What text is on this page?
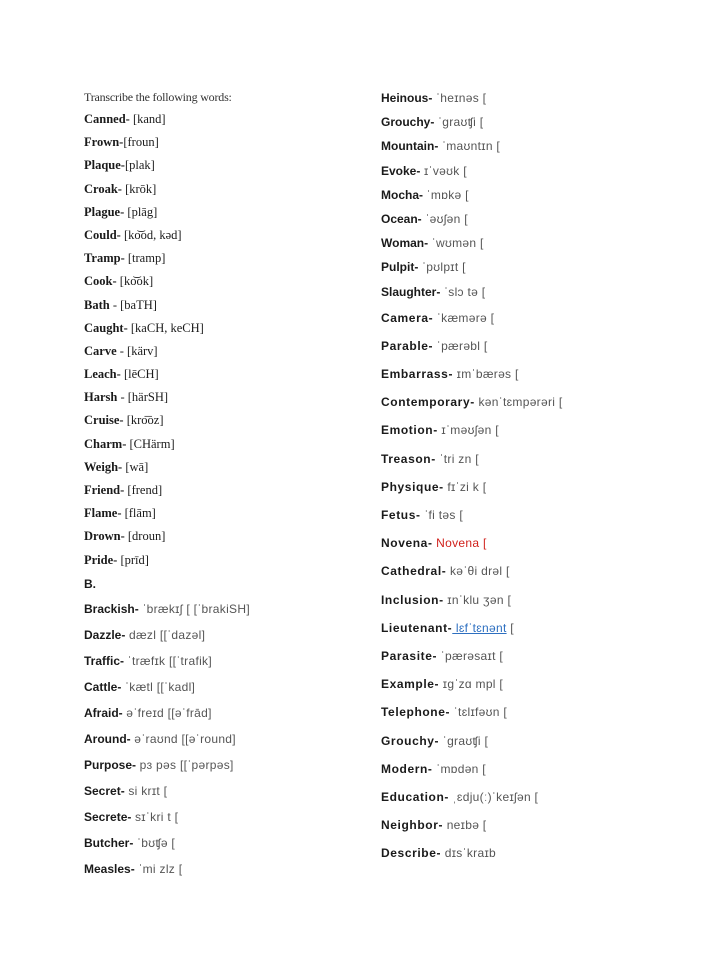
Transcribe the following words:
Canned- [kand]
Frown-[froun]
Plaque-[plak]
Croak- [krōk]
Plague- [plāg]
Could- [ko͝od, kəd]
Tramp- [tramp]
Cook- [ko͝ok]
Bath - [baTH]
Caught- [kaCH, keCH]
Carve - [kärv]
Leach- [lēCH]
Harsh - [härSH]
Cruise- [kro͞oz]
Charm- [CHärm]
Weigh- [wā]
Friend- [frend]
Flame- [flām]
Drown- [droun]
Pride- [prīd]
B.
Brackish- ˈbrækɪʃ [ [ˈbrakiSH]
Dazzle- dæzl [[ˈdazəl]
Traffic- ˈtræfɪk [[ˈtrafik]
Cattle- ˈkætl [[ˈkadl]
Afraid- əˈfreɪd [[əˈfrād]
Around- əˈraʊnd [[əˈround]
Purpose- pɜ pəs [[ˈpərpəs]
Secret- si krɪt [
Secrete- sɪˈkri t [
Butcher- ˈbʊʧə [
Measles- ˈmi zlz [
Heinous- ˈheɪnəs [
Grouchy- ˈgraʊʧi [
Mountain- ˈmaʊntɪn [
Evoke- ɪˈvəʊk [
Mocha- ˈmɒkə [
Ocean- ˈəʊʃən [
Woman- ˈwʊmən [
Pulpit- ˈpʊlpɪt [
Slaughter- ˈslɔ tə [
Camera- ˈkæmərə [
Parable- ˈpærəbl [
Embarrass- ɪmˈbærəs [
Contemporary- kənˈtɛmpərəri [
Emotion- ɪˈməʊʃən [
Treason- ˈtri zn [
Physique- fɪˈzi k [
Fetus- ˈfi təs [
Novena- Novena [
Cathedral- kəˈθi drəl [
Inclusion- ɪnˈklu ʒən [
Lieutenant- lɛfˈtɛnənt [
Parasite- ˈpærəsaɪt [
Example- ɪgˈzɑ mpl [
Telephone- ˈtɛlɪfəʊn [
Grouchy- ˈgraʊʧi [
Modern- ˈmɒdən [
Education- ˌɛdju(ː)ˈkeɪʃən [
Neighbor- neɪbə [
Describe- dɪsˈkraɪb
